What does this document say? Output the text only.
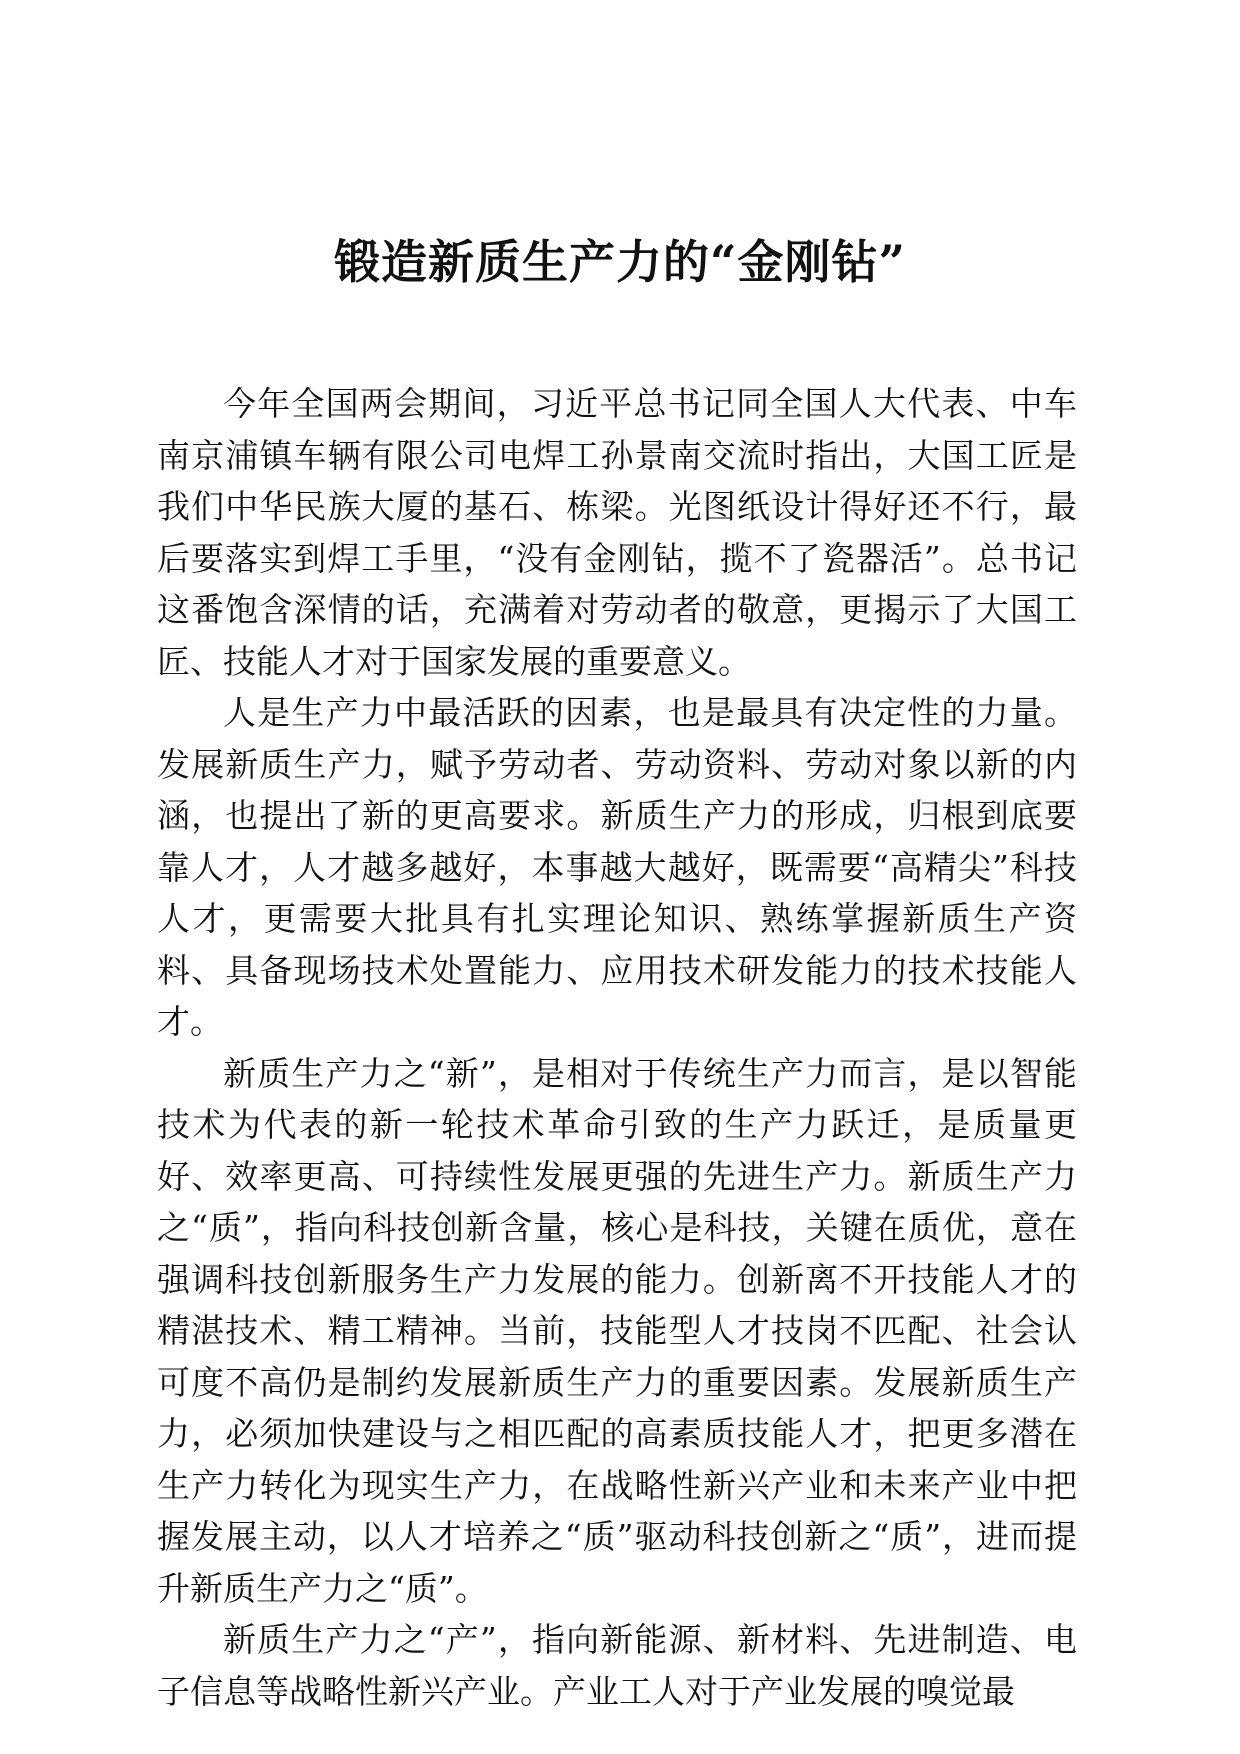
锻造新质生产力的“金刚钻”

今年全国两会期间，习近平总书记同全国人大代表、中车南京浦镇车辆有限公司电焊工孙景南交流时指出，大国工匠是我们中华民族大厦的基石、栋梁。光图纸设计得好还不行，最后要落实到焊工手里，“没有金刚钻，揽不了瓷器活”。总书记这番饱含深情的话，充满着对劳动者的敬意，更揭示了大国工匠、技能人才对于国家发展的重要意义。

人是生产力中最活跃的因素，也是最具有决定性的力量。发展新质生产力，赋予劳动者、劳动资料、劳动对象以新的内涵，也提出了新的更高要求。新质生产力的形成，归根到底要靠人才，人才越多越好，本事越大越好，既需要“高精尖”科技人才，更需要大批具有扎实理论知识、熟练掌握新质生产资料、具备现场技术处置能力、应用技术研发能力的技术技能人才。

新质生产力之“新”，是相对于传统生产力而言，是以智能技术为代表的新一轮技术革命引致的生产力跃迁，是质量更好、效率更高、可持续性发展更强的先进生产力。新质生产力之“质”，指向科技创新含量，核心是科技，关键在质优，意在强调科技创新服务生产力发展的能力。创新离不开技能人才的精湛技术、精工精神。当前，技能型人才技岗不匹配、社会认可度不高仍是制约发展新质生产力的重要因素。发展新质生产力，必须加快建设与之相匹配的高素质技能人才，把更多潜在生产力转化为现实生产力，在战略性新兴产业和未来产业中把握发展主动，以人才培养之“质”驱动科技创新之“质”，进而提升新质生产力之“质”。

新质生产力之“产”，指向新能源、新材料、先进制造、电子信息等战略性新兴产业。产业工人对于产业发展的嗅觉最
